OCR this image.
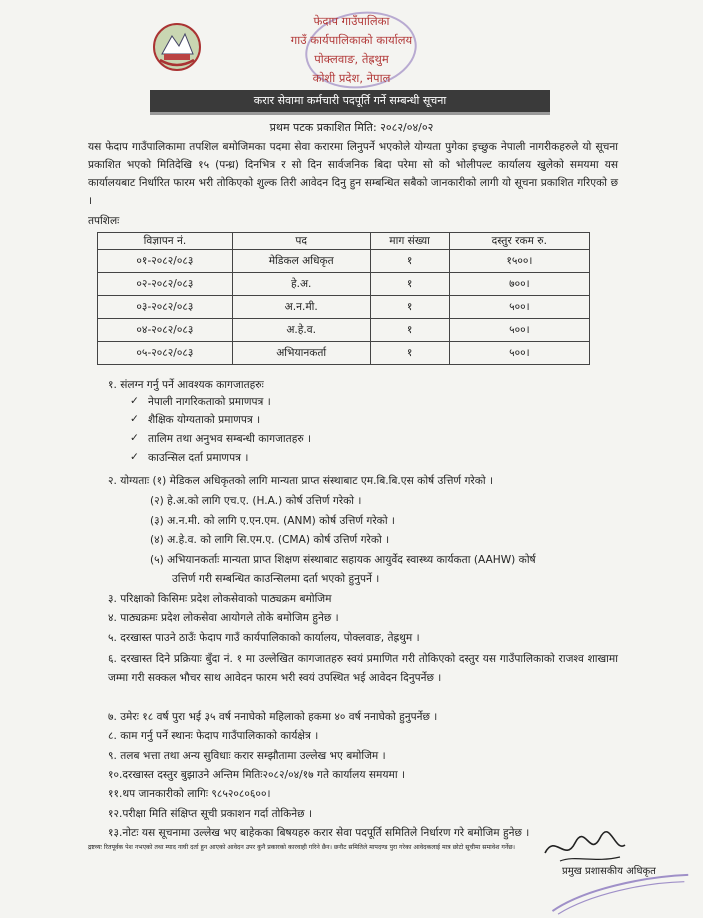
फेदाप गाउँपालिका
गाउँ कार्यपालिकाको कार्यालय
पोक्लवाङ, तेह्रथुम
कोशी प्रदेश, नेपाल
करार सेवामा कर्मचारी पदपूर्ति गर्ने सम्बन्धी सूचना
प्रथम पटक प्रकाशित मिति: २०८२/०४/०२
यस फेदाप गाउँपालिकामा तपशिल बमोजिमका पदमा सेवा करारमा लिनुपर्ने भएकोले योग्यता पुगेका इच्छुक नेपाली नागरीकहरुले यो सूचना प्रकाशित भएको मितिदेखि १५ (पन्ध्र) दिनभित्र र सो दिन सार्वजनिक बिदा परेमा सो को भोलीपल्ट कार्यालय खुलेको समयमा यस कार्यालयबाट निर्धारित फारम भरी तोकिएको शुल्क तिरी आवेदन दिनु हुन सम्बन्धित सबैको जानकारीको लागी यो सूचना प्रकाशित गरिएको छ ।
तपशिलः
विज्ञापन नं.	पद	माग संख्या	दस्तुर रकम रु.
०१-२०८२/०८३	मेडिकल अधिकृत	१	१५००।
०२-२०८२/०८३	हे.अ.	१	७००।
०३-२०८२/०८३	अ.न.मी.	१	५००।
०४-२०८२/०८३	अ.हे.व.	१	५००।
०५-२०८२/०८३	अभियानकर्ता	१	५००।
१. संलग्न गर्नु पर्ने आवश्यक कागजातहरुः
✓ नेपाली नागरिकताको प्रमाणपत्र ।
✓ शैक्षिक योग्यताको प्रमाणपत्र ।
✓ तालिम तथा अनुभव सम्बन्धी कागजातहरु ।
✓ काउन्सिल दर्ता प्रमाणपत्र ।
२. योग्यताः (१) मेडिकल अधिकृतको लागि मान्यता प्राप्त संस्थाबाट एम.बि.बि.एस कोर्ष उत्तिर्ण गरेको ।
(२) हे.अ.को लागि एच.ए. (H.A.) कोर्ष उत्तिर्ण गरेको ।
(३) अ.न.मी. को लागि ए.एन.एम. (ANM) कोर्ष उत्तिर्ण गरेको ।
(४) अ.हे.व. को लागि सि.एम.ए. (CMA) कोर्ष उत्तिर्ण गरेको ।
(५) अभियानकर्ताः मान्यता प्राप्त शिक्षण संस्थाबाट सहायक आयुर्वेद स्वास्थ्य कार्यकता (AAHW) कोर्ष
उत्तिर्ण गरी सम्बन्धित काउन्सिलमा दर्ता भएको हुनुपर्ने ।
३. परिक्षाको किसिमः प्रदेश लोकसेवाको पाठ्यक्रम बमोजिम
४. पाठ्यक्रमः प्रदेश लोकसेवा आयोगले तोके बमोजिम हुनेछ ।
५. दरखास्त पाउने ठाउँः फेदाप गाउँ कार्यपालिकाको कार्यालय, पोक्लवाङ, तेह्रथुम ।
६. दरखास्त दिने प्रक्रियाः बुँदा नं. १ मा उल्लेखित कागजातहरु स्वयं प्रमाणित गरी तोकिएको दस्तुर यस गाउँपालिकाको राजश्व शाखामा जम्मा गरी सक्कल भौचर साथ आवेदन फारम भरी स्वयं उपस्थित भई आवेदन दिनुपर्नेछ ।
७. उमेरः १८ वर्ष पुरा भई ३५ वर्ष ननाघेको महिलाको हकमा ४० वर्ष ननाघेको हुनुपर्नेछ ।
८. काम गर्नु पर्ने स्थानः फेदाप गाउँपालिकाको कार्यक्षेत्र ।
९. तलब भत्ता तथा अन्य सुविधाः करार सम्झौतामा उल्लेख भए बमोजिम ।
१०.दरखास्त दस्तुर बुझाउने अन्तिम मितिः२०८२/०४/१७ गते कार्यालय समयमा ।
११.थप जानकारीको लागिः ९८५२०८०६००।
१२.परीक्षा मिति संक्षिप्त सूची प्रकाशन गर्दा तोकिनेछ ।
१३.नोटः यस सूचनामा उल्लेख भए बाहेकका बिषयहरु करार सेवा पदपूर्ति समितिले निर्धारण गरे बमोजिम हुनेछ ।
द्रष्टव्यः रितपूर्वक पेश नभएको तथा म्याद नाघी दर्ता हुन आएको आवेदन उपर कुनै प्रकारको कारवाही गरिने छैन। छनौट समितिले मापदण्ड पुरा गरेका आवेदकलाई मात्र छोटो सूचीमा समावेश गर्नेछ।
प्रमुख प्रशासकीय अधिकृत
